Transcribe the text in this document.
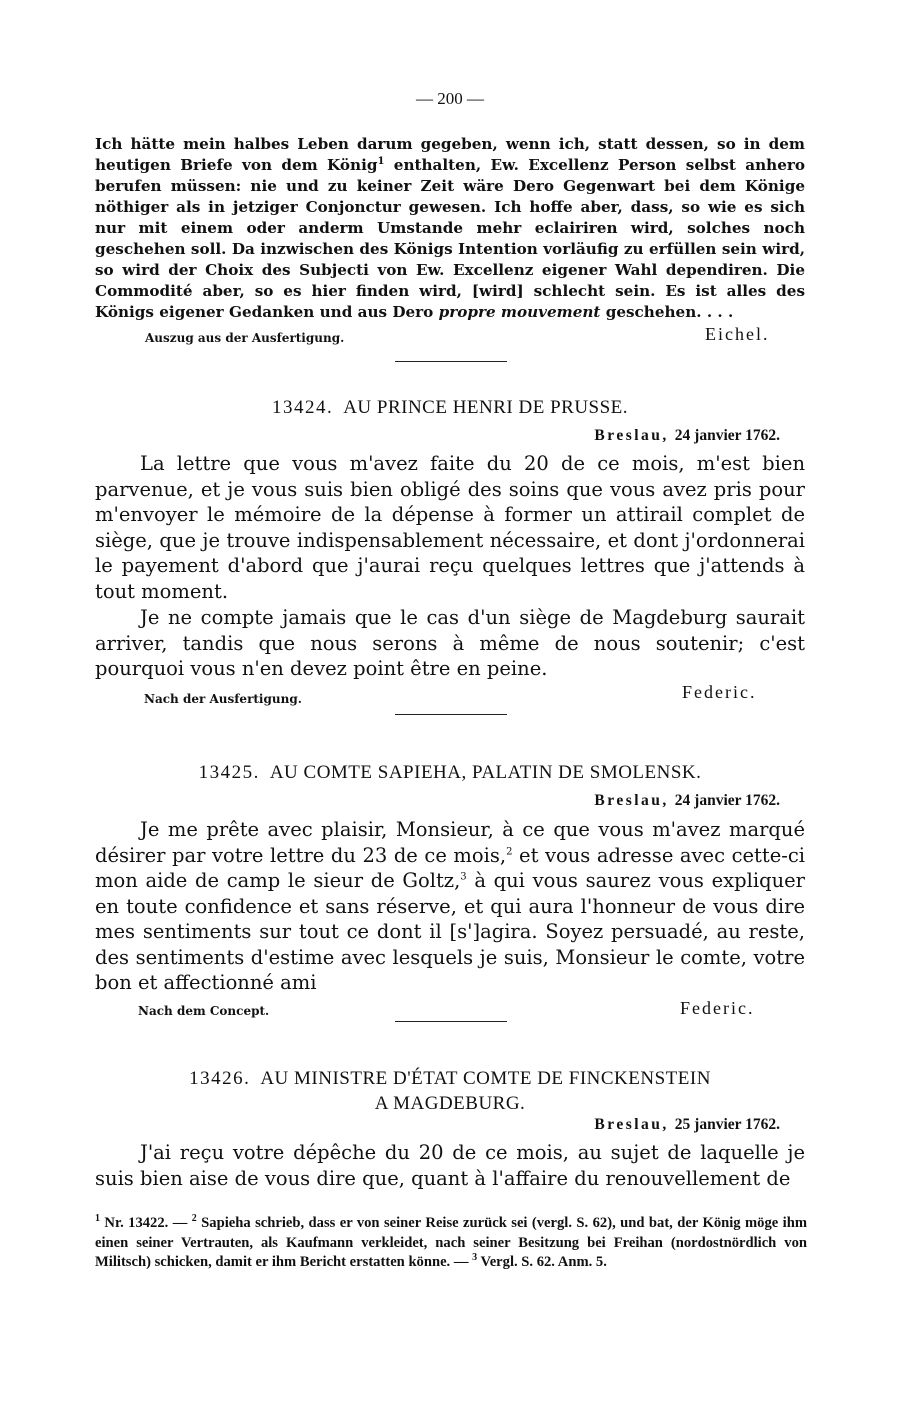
— 200 —
Ich hätte mein halbes Leben darum gegeben, wenn ich, statt dessen, so in dem heutigen Briefe von dem König$^1$ enthalten, Ew. Excellenz Person selbst anhero berufen müssen: nie und zu keiner Zeit wäre Dero Gegenwart bei dem Könige nöthiger als in jetziger Conjonctur gewesen. Ich hoffe aber, dass, so wie es sich nur mit einem oder anderm Umstande mehr eclairiren wird, solches noch geschehen soll. Da inzwischen des Königs Intention vorläufig zu erfüllen sein wird, so wird der Choix des Subjecti von Ew. Excellenz eigener Wahl dependiren. Die Commodité aber, so es hier finden wird, [wird] schlecht sein. Es ist alles des Königs eigener Gedanken und aus Dero propre mouvement geschehen. . . .
Auszug aus der Ausfertigung.	Eichel.
13424. AU PRINCE HENRI DE PRUSSE.
Breslau, 24 janvier 1762.
La lettre que vous m'avez faite du 20 de ce mois, m'est bien parvenue, et je vous suis bien obligé des soins que vous avez pris pour m'envoyer le mémoire de la dépense à former un attirail complet de siège, que je trouve indispensablement nécessaire, et dont j'ordonnerai le payement d'abord que j'aurai reçu quelques lettres que j'attends à tout moment.
Je ne compte jamais que le cas d'un siège de Magdeburg saurait arriver, tandis que nous serons à même de nous soutenir; c'est pourquoi vous n'en devez point être en peine.
Nach der Ausfertigung.	Federic.
13425. AU COMTE SAPIEHA, PALATIN DE SMOLENSK.
Breslau, 24 janvier 1762.
Je me prête avec plaisir, Monsieur, à ce que vous m'avez marqué désirer par votre lettre du 23 de ce mois,$^2$ et vous adresse avec cette-ci mon aide de camp le sieur de Goltz,$^3$ à qui vous saurez vous expliquer en toute confidence et sans réserve, et qui aura l'honneur de vous dire mes sentiments sur tout ce dont il [s']agira. Soyez persuadé, au reste, des sentiments d'estime avec lesquels je suis, Monsieur le comte, votre bon et affectionné ami
Nach dem Concept.	Federic.
13426. AU MINISTRE D'ÉTAT COMTE DE FINCKENSTEIN
A MAGDEBURG.
Breslau, 25 janvier 1762.
J'ai reçu votre dépêche du 20 de ce mois, au sujet de laquelle je suis bien aise de vous dire que, quant à l'affaire du renouvellement de
$^1$ Nr. 13422. — $^2$ Sapieha schrieb, dass er von seiner Reise zurück sei (vergl. S. 62), und bat, der König möge ihm einen seiner Vertrauten, als Kaufmann verkleidet, nach seiner Besitzung bei Freihan (nordostnördlich von Militsch) schicken, damit er ihm Bericht erstatten könne. — $^3$ Vergl. S. 62. Anm. 5.
